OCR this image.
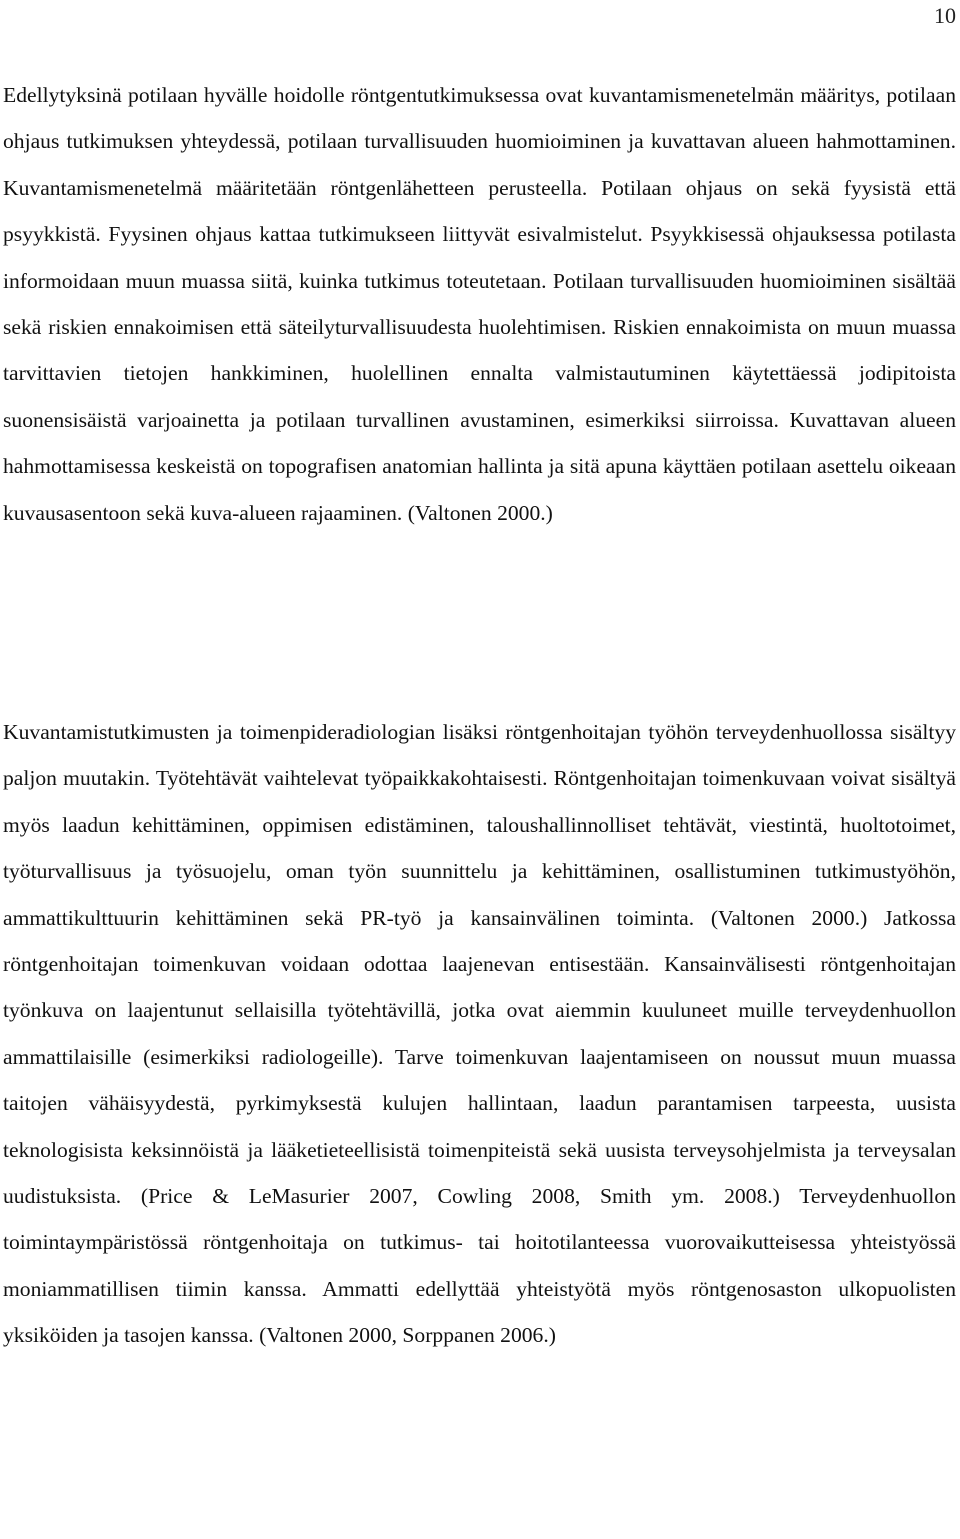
10

Edellytyksinä potilaan hyvälle hoidolle röntgentutkimuksessa ovat kuvantamismenetelmän määritys, potilaan ohjaus tutkimuksen yhteydessä, potilaan turvallisuuden huomioiminen ja kuvattavan alueen hahmottaminen. Kuvantamismenetelmä määritetään röntgenlähetteen perusteella. Potilaan ohjaus on sekä fyysistä että psyykkistä. Fyysinen ohjaus kattaa tutkimukseen liittyvät esivalmistelut. Psyykkisessä ohjauksessa potilasta informoidaan muun muassa siitä, kuinka tutkimus toteutetaan. Potilaan turvallisuuden huomioiminen sisältää sekä riskien ennakoimisen että säteilyturvallisuudesta huolehtimisen. Riskien ennakoimista on muun muassa tarvittavien tietojen hankkiminen, huolellinen ennalta valmistautuminen käytettäessä jodipitoista suonensisäistä varjoainetta ja potilaan turvallinen avustaminen, esimerkiksi siirroissa. Kuvattavan alueen hahmottamisessa keskeistä on topografisen anatomian hallinta ja sitä apuna käyttäen potilaan asettelu oikeaan kuvausasentoon sekä kuva-alueen rajaaminen. (Valtonen 2000.)

Kuvantamistutkimusten ja toimenpideradiologian lisäksi röntgenhoitajan työhön terveydenhuollossa sisältyy paljon muutakin. Työtehtävät vaihtelevat työpaikkakohtaisesti. Röntgenhoitajan toimenkuvaan voivat sisältyä myös laadun kehittäminen, oppimisen edistäminen, taloushallinnolliset tehtävät, viestintä, huoltotoimet, työturvallisuus ja työsuojelu, oman työn suunnittelu ja kehittäminen, osallistuminen tutkimustyöhön, ammattikulttuurin kehittäminen sekä PR-työ ja kansainvälinen toiminta. (Valtonen 2000.) Jatkossa röntgenhoitajan toimenkuvan voidaan odottaa laajenevan entisestään. Kansainvälisesti röntgenhoitajan työnkuva on laajentunut sellaisilla työtehtävillä, jotka ovat aiemmin kuuluneet muille terveydenhuollon ammattilaisille (esimerkiksi radiologeille). Tarve toimenkuvan laajentamiseen on noussut muun muassa taitojen vähäisyydestä, pyrkimyksestä kulujen hallintaan, laadun parantamisen tarpeesta, uusista teknologisista keksinnöistä ja lääketieteellisistä toimenpiteistä sekä uusista terveysohjelmista ja terveysalan uudistuksista. (Price & LeMasurier 2007, Cowling 2008, Smith ym. 2008.) Terveydenhuollon toimintaympäristössä röntgenhoitaja on tutkimus- tai hoitotilanteessa vuorovaikutteisessa yhteistyössä moniammatillisen tiimin kanssa. Ammatti edellyttää yhteistyötä myös röntgenosaston ulkopuolisten yksiköiden ja tasojen kanssa. (Valtonen 2000, Sorppanen 2006.)
